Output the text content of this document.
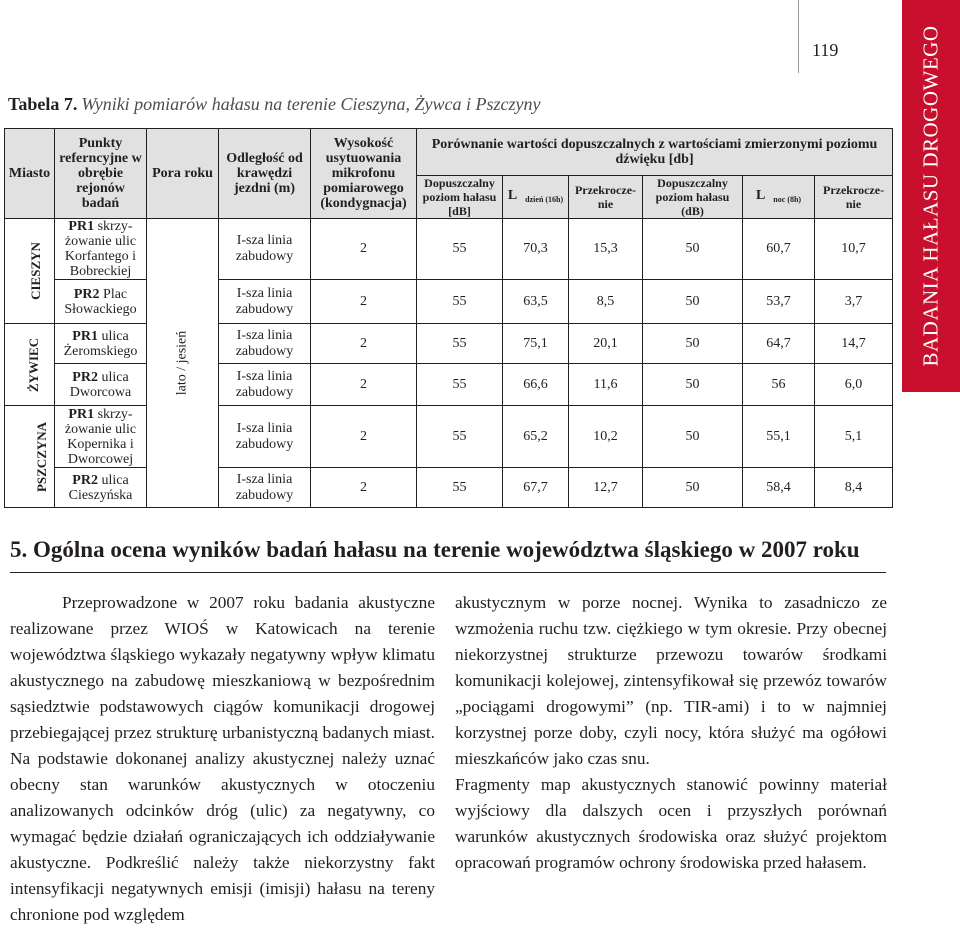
119	BADANIA HAŁASU DROGOWEGO
Tabela 7. Wyniki pomiarów hałasu na terenie Cieszyna, Żywca i Pszczyny
Miasto	Punkty referncyjne w obrębie rejonów badań	Pora roku	Odległość od krawędzi jezdni (m)	Wysokość usytuowania mikrofonu pomiarowego (kondygnacja)	Porównanie wartości dopuszczalnych z wartościami zmierzonymi poziomu dźwięku [db]					
					Dopuszczalny poziom hałasu [dB]	L $_{dzień (16h)}$	Przekrocze-nie	Dopuszczalny poziom hałasu (dB)	L $_{noc (8h)}$	Przekrocze-nie
CIESZYN	PR1 skrzy-żowanie ulic Korfantego i Bobreckiej	lato / jesień	I-sza linia zabudowy	2	55	70,3	15,3	50	60,7	10,7
	PR2 Plac Słowackiego		I-sza linia zabudowy	2	55	63,5	8,5	50	53,7	3,7
ŻYWIEC	PR1 ulica Żeromskiego		I-sza linia zabudowy	2	55	75,1	20,1	50	64,7	14,7
	PR2 ulica Dworcowa		I-sza linia zabudowy	2	55	66,6	11,6	50	56	6,0
PSZCZYNA	PR1 skrzy-żowanie ulic Kopernika i Dworcowej		I-sza linia zabudowy	2	55	65,2	10,2	50	55,1	5,1
	PR2 ulica Cieszyńska		I-sza linia zabudowy	2	55	67,7	12,7	50	58,4	8,4
5. Ogólna ocena wyników badań hałasu na terenie województwa śląskiego w 2007 roku

Przeprowadzone w 2007 roku badania akustyczne realizowane przez WIOŚ w Katowicach na terenie województwa śląskiego wykazały negatywny wpływ klimatu akustycznego na zabudowę mieszkaniową w bezpośrednim sąsiedztwie podstawowych ciągów komunikacji drogowej przebiegającej przez strukturę urbanistyczną badanych miast. Na podstawie dokonanej analizy akustycznej należy uznać obecny stan warunków akustycznych w otoczeniu analizowanych odcinków dróg (ulic) za negatywny, co wymagać będzie działań ograniczających ich oddziaływanie akustyczne. Podkreślić należy także niekorzystny fakt intensyfikacji negatywnych emisji (imisji) hałasu na tereny chronione pod względem

akustycznym w porze nocnej. Wynika to zasadniczo ze wzmożenia ruchu tzw. ciężkiego w tym okresie. Przy obecnej niekorzystnej strukturze przewozu towarów środkami komunikacji kolejowej, zintensyfikował się przewóz towarów „pociągami drogowymi” (np. TIR-ami) i to w najmniej korzystnej porze doby, czyli nocy, która służyć ma ogółowi mieszkańców jako czas snu.

Fragmenty map akustycznych stanowić powinny materiał wyjściowy dla dalszych ocen i przyszłych porównań warunków akustycznych środowiska oraz służyć projektom opracowań programów ochrony środowiska przed hałasem.
